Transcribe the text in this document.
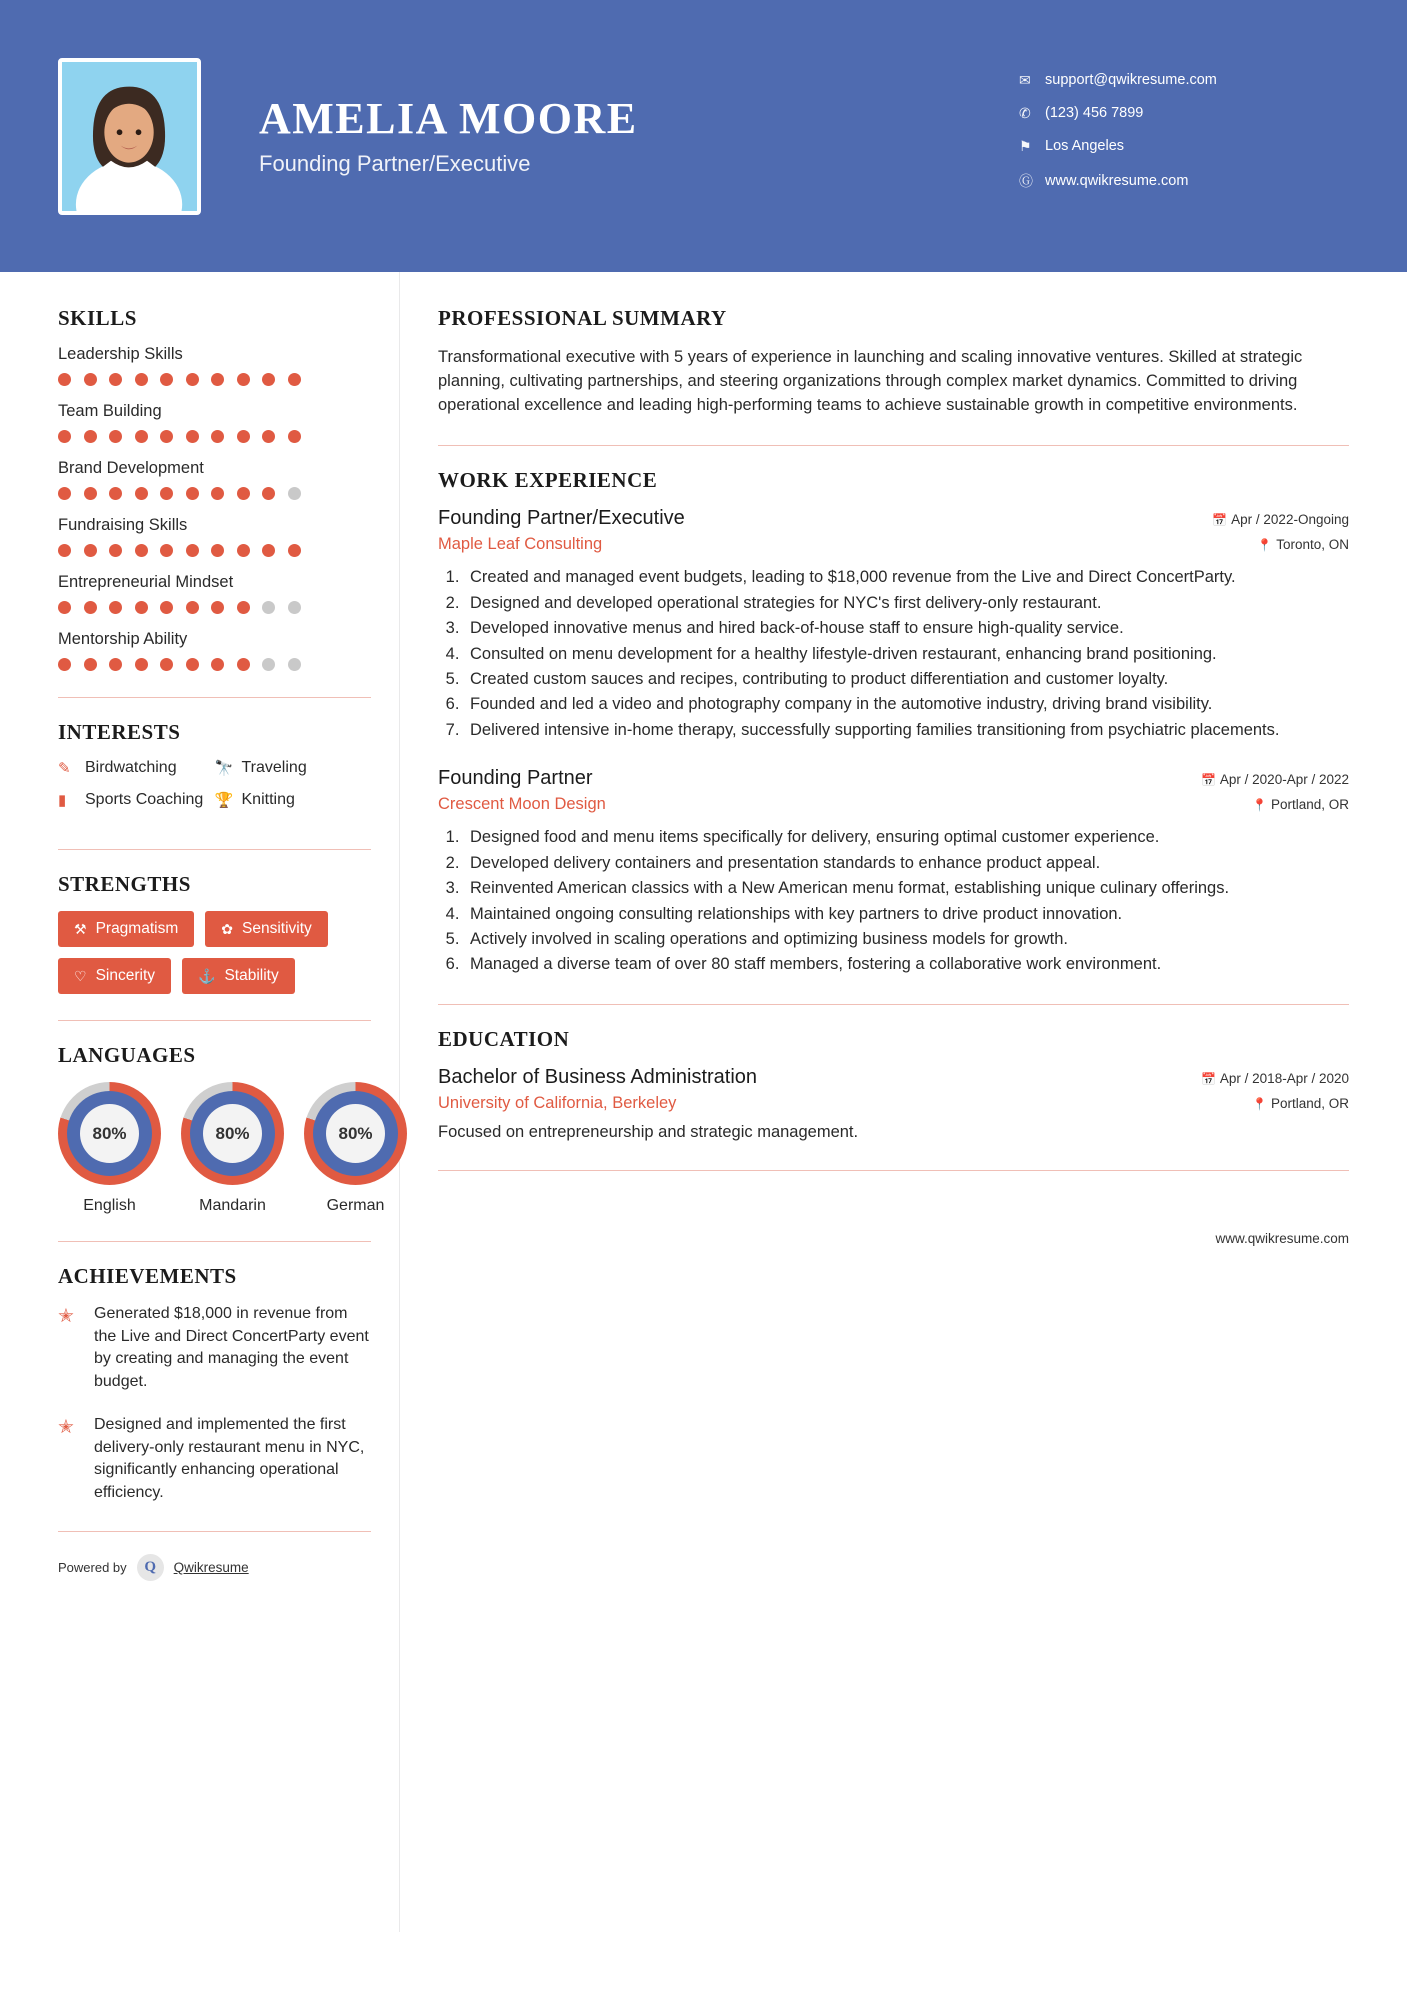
AMELIA MOORE
Founding Partner/Executive
✉ support@qwikresume.com
✆ (123) 456 7899
⚑ Los Angeles
Ⓖ www.qwikresume.com
SKILLS
Leadership Skills
Team Building
Brand Development
Fundraising Skills
Entrepreneurial Mindset
Mentorship Ability
INTERESTS
✎ Birdwatching	🔭 Traveling
▮	Sports Coaching 🏆 Knitting
STRENGTHS
⚒ Pragmatism	✿ Sensitivity
♡ Sincerity	⚓ Stability
LANGUAGES
80%
English
80%
Mandarin
80%
German
ACHIEVEMENTS
✭	Generated $18,000 in revenue from the Live and Direct ConcertParty event by creating and managing the event budget.
✭	Designed and implemented the first delivery-only restaurant menu in NYC, significantly enhancing operational efficiency.
Powered by	Q	Qwikresume
PROFESSIONAL SUMMARY

Transformational executive with 5 years of experience in launching and scaling innovative ventures. Skilled at strategic planning, cultivating partnerships, and steering organizations through complex market dynamics. Committed to driving operational excellence and leading high-performing teams to achieve sustainable growth in competitive environments.

WORK EXPERIENCE
Founding Partner/Executive	📅 Apr / 2022-Ongoing
Maple Leaf Consulting	📍 Toronto, ON
1. Created and managed event budgets, leading to $18,000 revenue from the Live and Direct ConcertParty.
2. Designed and developed operational strategies for NYC's first delivery-only restaurant.
3. Developed innovative menus and hired back-of-house staff to ensure high-quality service.
4. Consulted on menu development for a healthy lifestyle-driven restaurant, enhancing brand positioning.
5. Created custom sauces and recipes, contributing to product differentiation and customer loyalty.
6. Founded and led a video and photography company in the automotive industry, driving brand visibility.
7. Delivered intensive in-home therapy, successfully supporting families transitioning from psychiatric placements.
Founding Partner	📅 Apr / 2020-Apr / 2022
Crescent Moon Design	📍 Portland, OR
1. Designed food and menu items specifically for delivery, ensuring optimal customer experience.
2. Developed delivery containers and presentation standards to enhance product appeal.
3. Reinvented American classics with a New American menu format, establishing unique culinary offerings.
4. Maintained ongoing consulting relationships with key partners to drive product innovation.
5. Actively involved in scaling operations and optimizing business models for growth.
6. Managed a diverse team of over 80 staff members, fostering a collaborative work environment.
EDUCATION
Bachelor of Business Administration	📅 Apr / 2018-Apr / 2020
University of California, Berkeley	📍 Portland, OR
Focused on entrepreneurship and strategic management.
www.qwikresume.com
